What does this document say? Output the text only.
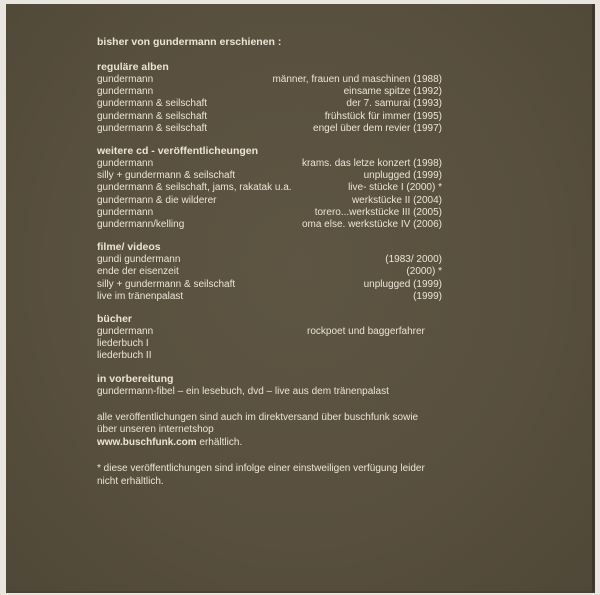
bisher von gundermann erschienen :
reguläre alben
gundermann	männer, frauen und maschinen (1988)
gundermann	einsame spitze (1992)
gundermann & seilschaft	der 7. samurai (1993)
gundermann & seilschaft	frühstück für immer (1995)
gundermann & seilschaft	engel über dem revier (1997)
weitere cd - veröffentlicheungen
gundermann	krams. das letze konzert (1998)
silly + gundermann & seilschaft	unplugged (1999)
gundermann & seilschaft, jams, rakatak u.a.	live- stücke I (2000) *
gundermann & die wilderer	werkstücke II (2004)
gundermann	torero...werkstücke III (2005)
gundermann/kelling	oma else. werkstücke IV (2006)
filme/ videos
gundi gundermann	(1983/ 2000)
ende der eisenzeit	(2000) *
silly + gundermann & seilschaft	unplugged (1999)
live im tränenpalast	(1999)
bücher
gundermann	rockpoet und baggerfahrer
liederbuch I
liederbuch II
in vorbereitung
gundermann-fibel – ein lesebuch, dvd – live aus dem tränenpalast
alle veröffentlichungen sind auch im direktversand über buschfunk sowie
über unseren internetshop
www.buschfunk.com erhältlich.
* diese veröffentlichungen sind infolge einer einstweiligen verfügung leider
nicht erhältlich.
